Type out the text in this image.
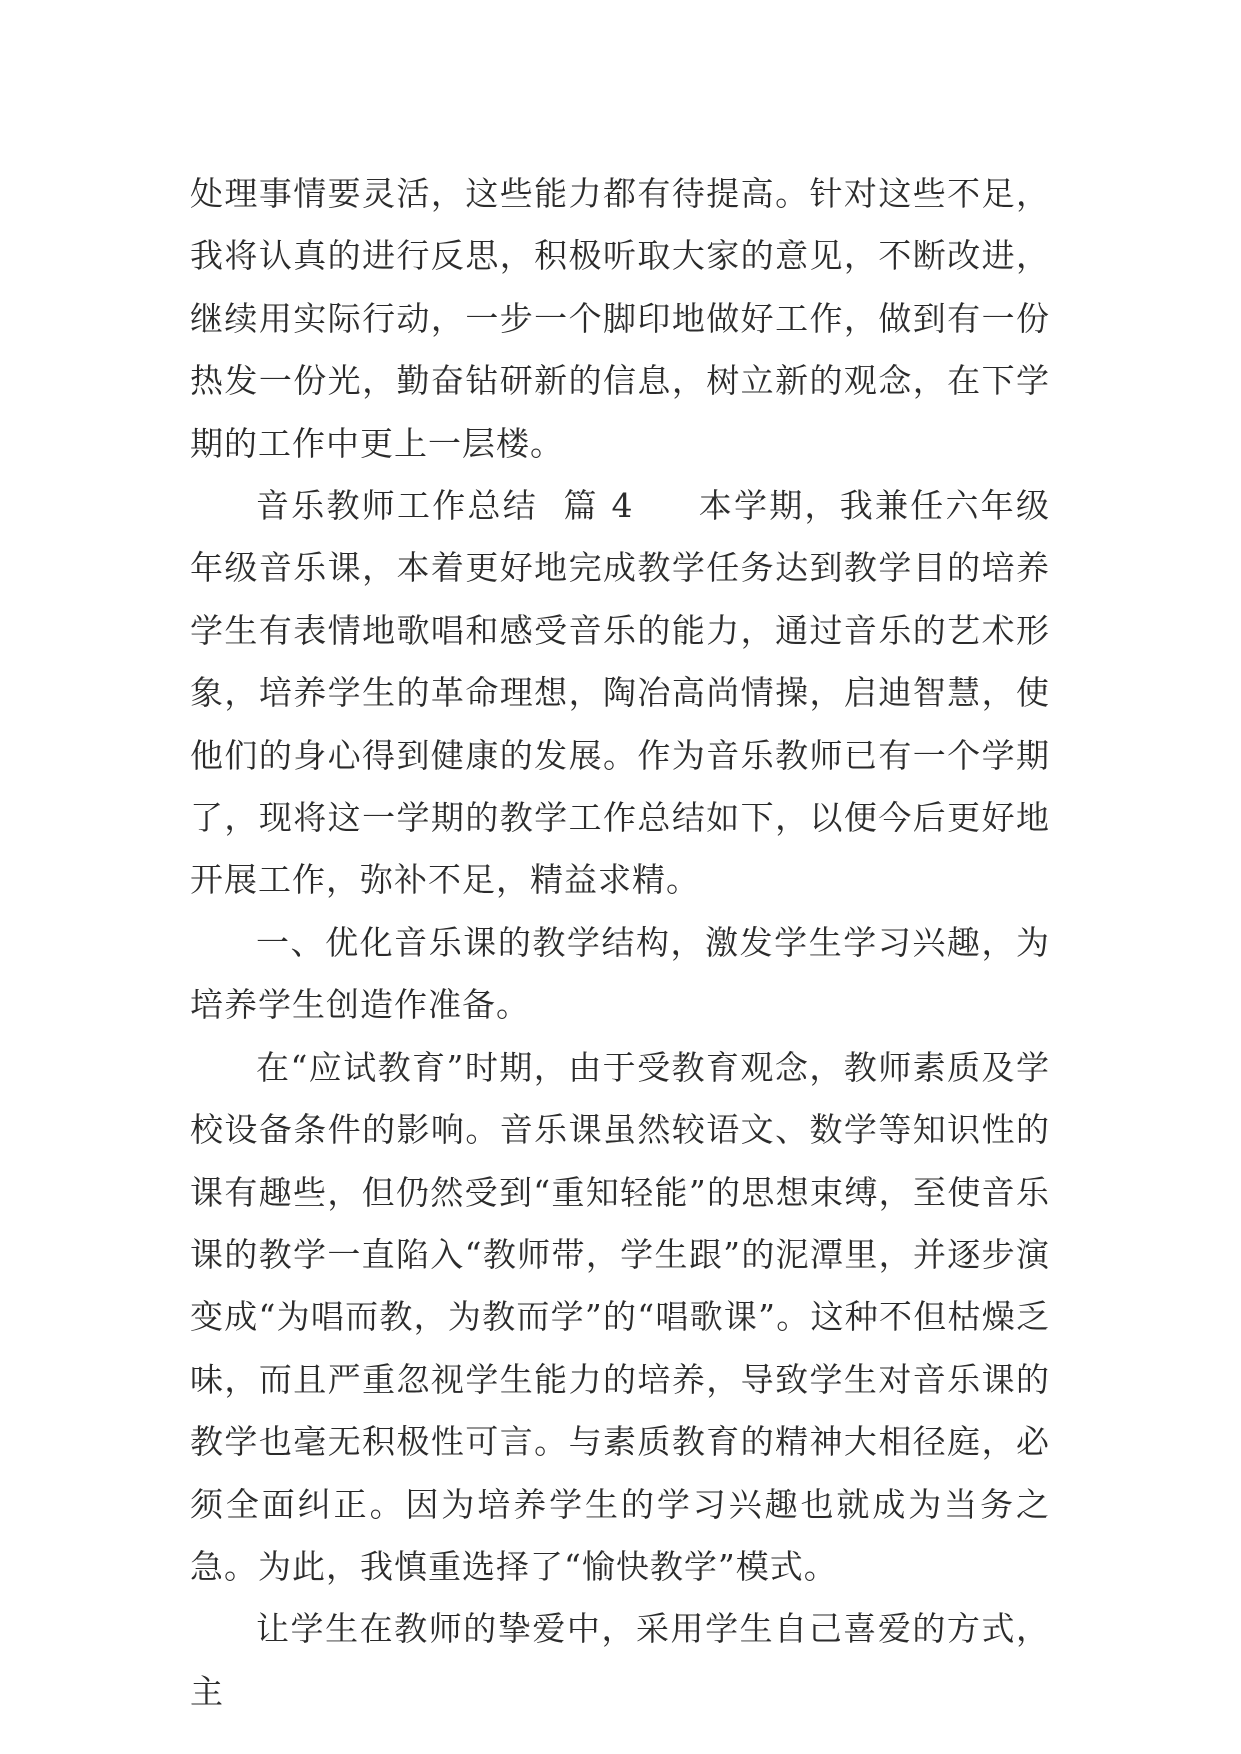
处理事情要灵活，这些能力都有待提高。针对这些不足，我将认真的进行反思，积极听取大家的意见，不断改进，继续用实际行动，一步一个脚印地做好工作，做到有一份热发一份光，勤奋钻研新的信息，树立新的观念，在下学期的工作中更上一层楼。

音乐教师工作总结 篇 4 本学期，我兼任六年级年级音乐课，本着更好地完成教学任务达到教学目的培养学生有表情地歌唱和感受音乐的能力，通过音乐的艺术形象，培养学生的革命理想，陶冶高尚情操，启迪智慧，使他们的身心得到健康的发展。作为音乐教师已有一个学期了，现将这一学期的教学工作总结如下，以便今后更好地开展工作，弥补不足，精益求精。

一、优化音乐课的教学结构，激发学生学习兴趣，为培养学生创造作准备。

在“应试教育”时期，由于受教育观念，教师素质及学校设备条件的影响。音乐课虽然较语文、数学等知识性的课有趣些，但仍然受到“重知轻能”的思想束缚，至使音乐课的教学一直陷入“教师带，学生跟”的泥潭里，并逐步演变成“为唱而教，为教而学”的“唱歌课”。这种不但枯燥乏味，而且严重忽视学生能力的培养，导致学生对音乐课的教学也毫无积极性可言。与素质教育的精神大相径庭，必须全面纠正。因为培养学生的学习兴趣也就成为当务之急。为此，我慎重选择了“愉快教学”模式。

让学生在教师的挚爱中，采用学生自己喜爱的方式，主
